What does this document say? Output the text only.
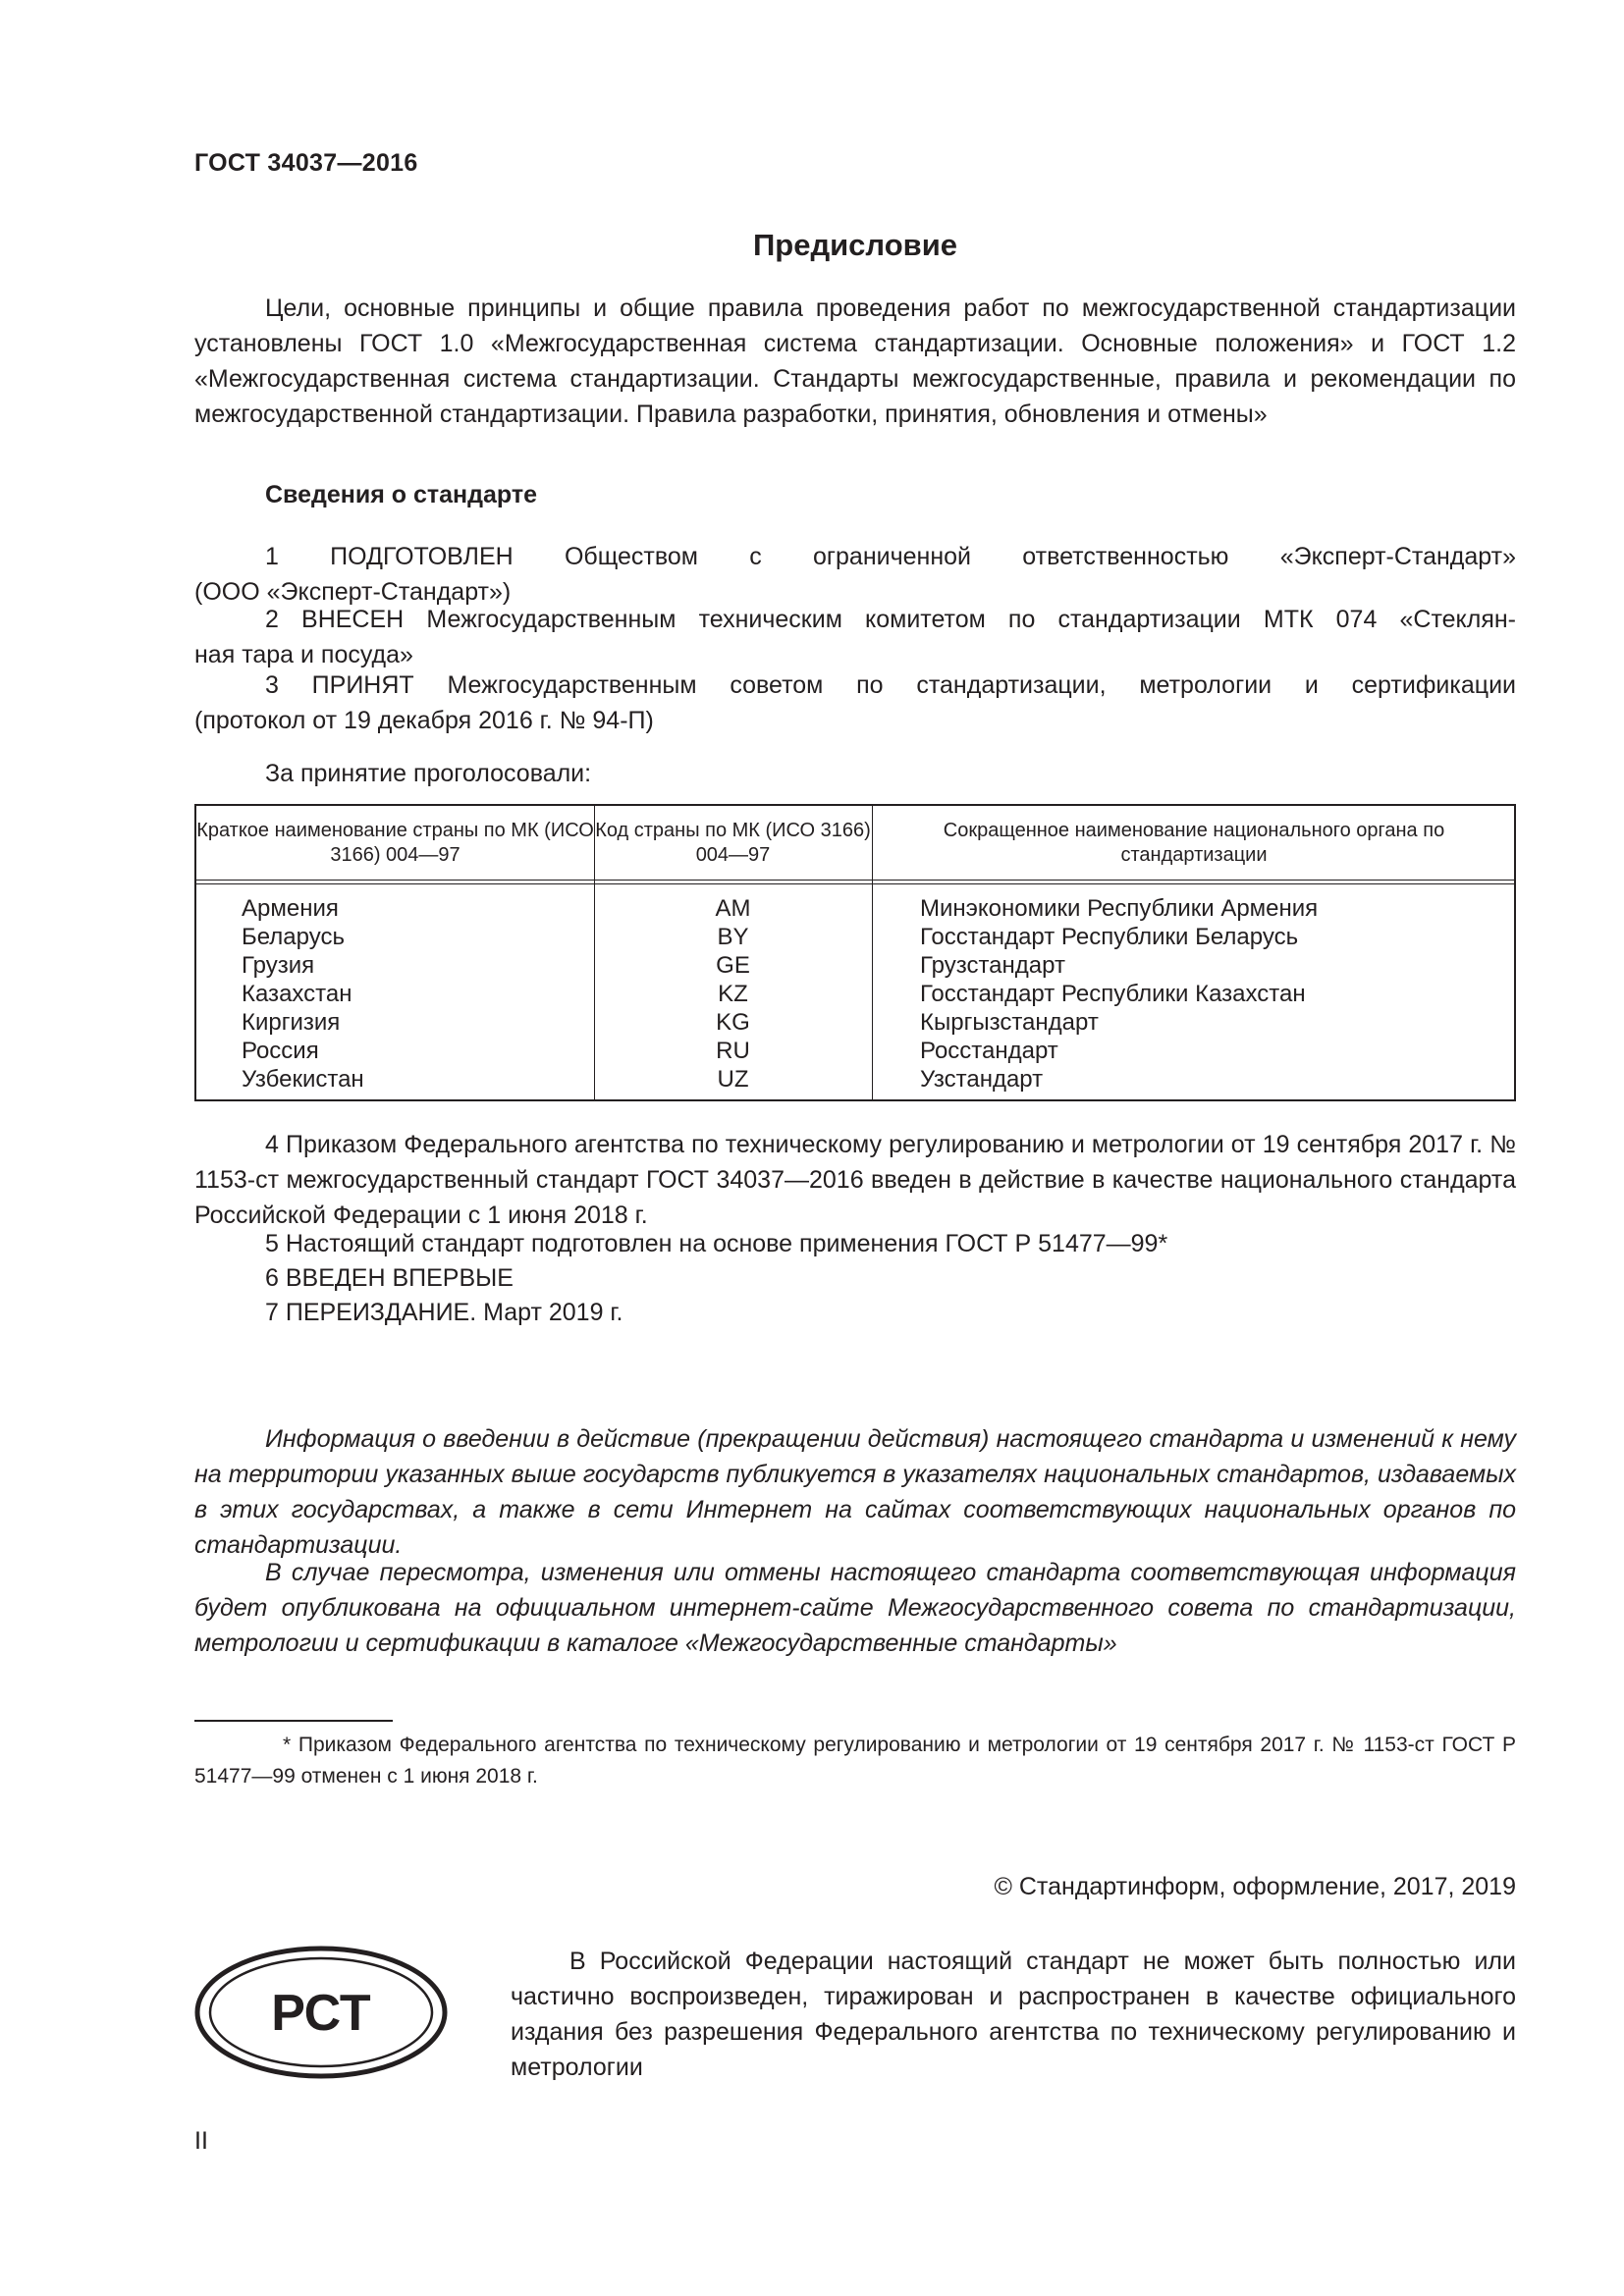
ГОСТ 34037—2016
Предисловие

Цели, основные принципы и общие правила проведения работ по межгосударственной стандартизации установлены ГОСТ 1.0 «Межгосударственная система стандартизации. Основные положения» и ГОСТ 1.2 «Межгосударственная система стандартизации. Стандарты межгосударственные, правила и рекомендации по межгосударственной стандартизации. Правила разработки, принятия, обновления и отмены»

Сведения о стандарте

1 ПОДГОТОВЛЕН Обществом с ограниченной ответственностью «Эксперт-Стандарт»

(ООО «Эксперт-Стандарт»)

2 ВНЕСЕН Межгосударственным техническим комитетом по стандартизации МТК 074 «Стеклян-

ная тара и посуда»

3 ПРИНЯТ Межгосударственным советом по стандартизации, метрологии и сертификации

(протокол от 19 декабря 2016 г. № 94-П)

За принятие проголосовали:
Краткое наименование страны по МК (ИСО 3166) 004—97
Код страны по МК (ИСО 3166) 004—97
Сокращенное наименование национального органа по стандартизации
Армения
Беларусь
Грузия
Казахстан
Киргизия
Россия
Узбекистан
AM
BY
GE
KZ
KG
RU
UZ
Минэкономики Республики Армения
Госстандарт Республики Беларусь
Грузстандарт
Госстандарт Республики Казахстан
Кыргызстандарт
Росстандарт
Узстандарт

4 Приказом Федерального агентства по техническому регулированию и метрологии от 19 сентября 2017 г. № 1153-ст межгосударственный стандарт ГОСТ 34037—2016 введен в действие в качестве национального стандарта Российской Федерации с 1 июня 2018 г.

5 Настоящий стандарт подготовлен на основе применения ГОСТ Р 51477—99*
6 ВВЕДЕН ВПЕРВЫЕ
7 ПЕРЕИЗДАНИЕ. Март 2019 г.

Информация о введении в действие (прекращении действия) настоящего стандарта и изменений к нему на территории указанных выше государств публикуется в указателях национальных стандартов, издаваемых в этих государствах, а также в сети Интернет на сайтах соответствующих национальных органов по стандартизации.

В случае пересмотра, изменения или отмены настоящего стандарта соответствующая информация будет опубликована на официальном интернет-сайте Межгосударственного совета по стандартизации, метрологии и сертификации в каталоге «Межгосударственные стандарты»

* Приказом Федерального агентства по техническому регулированию и метрологии от 19 сентября 2017 г. № 1153-ст ГОСТ Р 51477—99 отменен с 1 июня 2018 г.

© Стандартинформ, оформление, 2017, 2019
РСТ

В Российской Федерации настоящий стандарт не может быть полностью или частично воспроизведен, тиражирован и распространен в качестве официального издания без разрешения Федерального агентства по техническому регулированию и метрологии

II
